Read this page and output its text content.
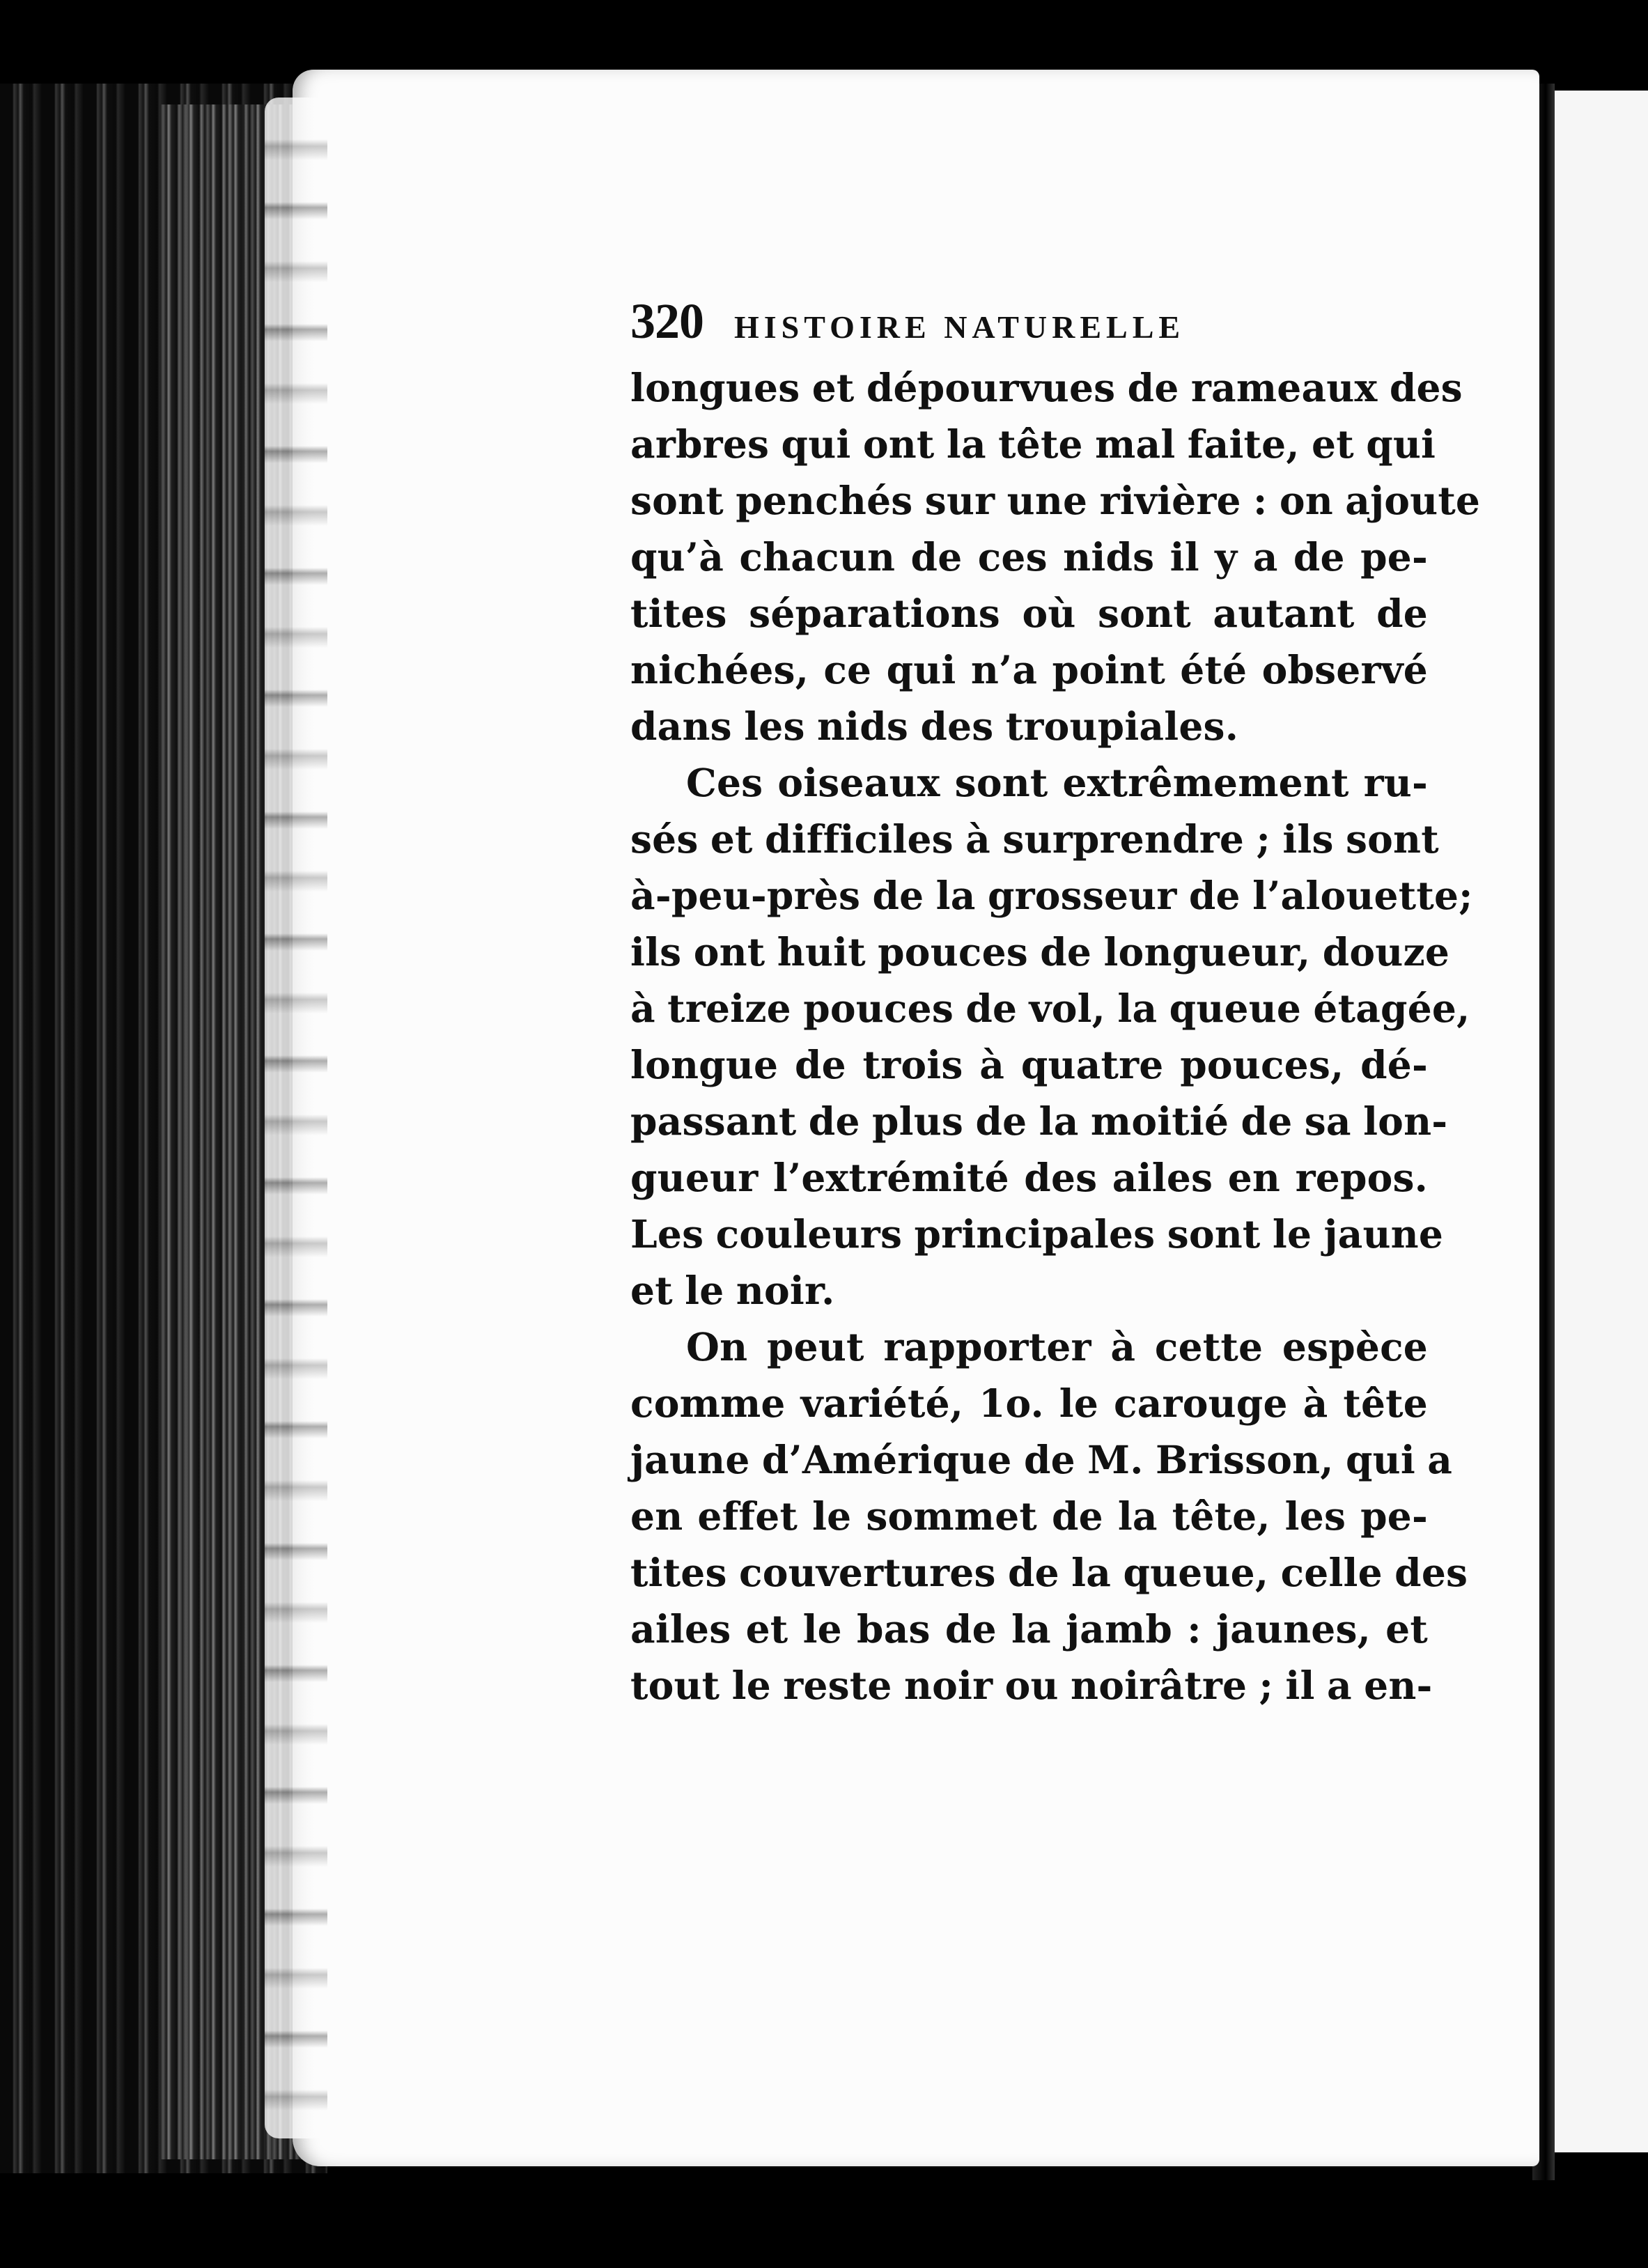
320 HISTOIRE NATURELLE

longues et dépourvues de rameaux des
arbres qui ont la tête mal faite, et qui
sont penchés sur une rivière : on ajoute
qu’à chacun de ces nids il y a de pe-
tites séparations où sont autant de
nichées, ce qui n’a point été observé
dans les nids des troupiales.

Ces oiseaux sont extrêmement ru-
sés et difficiles à surprendre ; ils sont
à-peu-près de la grosseur de l’alouette;
ils ont huit pouces de longueur, douze
à treize pouces de vol, la queue étagée,
longue de trois à quatre pouces, dé-
passant de plus de la moitié de sa lon-
gueur l’extrémité des ailes en repos.
Les couleurs principales sont le jaune
et le noir.

On peut rapporter à cette espèce
comme variété, 1o. le carouge à tête
jaune d’Amérique de M. Brisson, qui a
en effet le sommet de la tête, les pe-
tites couvertures de la queue, celle des
ailes et le bas de la jamb : jaunes, et
tout le reste noir ou noirâtre ; il a en-
